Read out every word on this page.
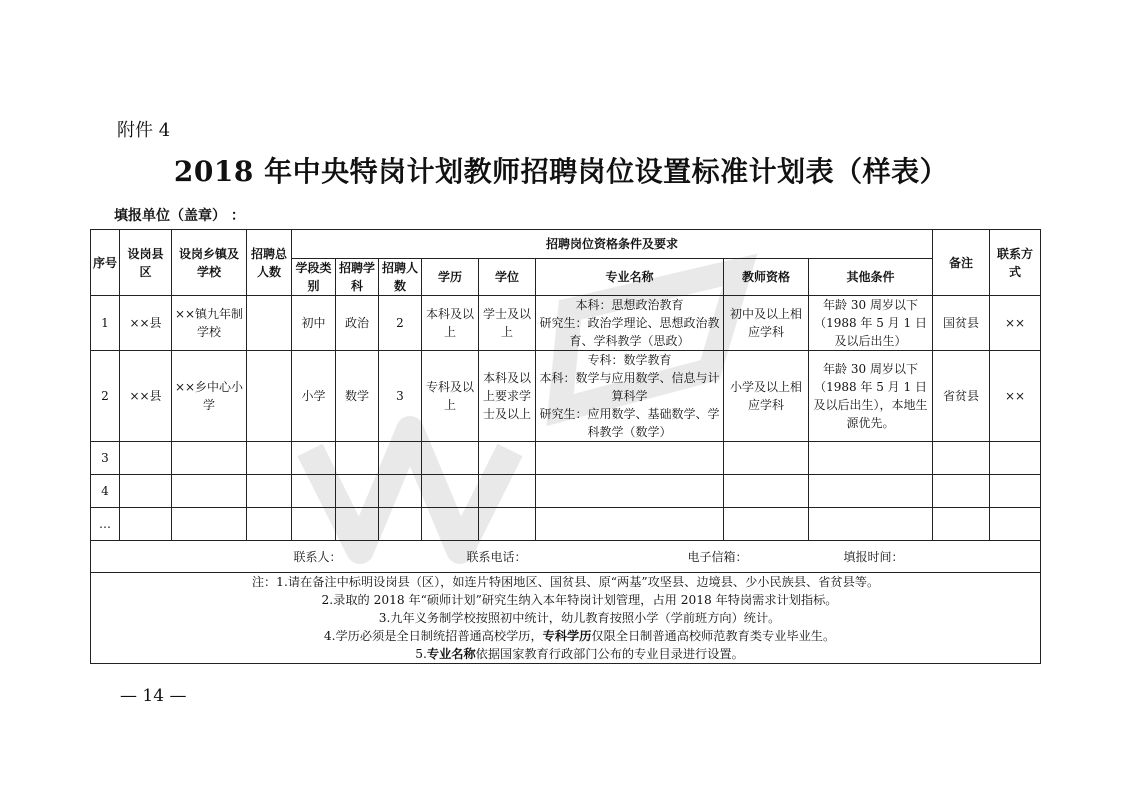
附件 4
2018 年中央特岗计划教师招聘岗位设置标准计划表（样表）
填报单位（盖章） ：
序号	设岗县区	设岗乡镇及学校	招聘总人数	招聘岗位资格条件及要求								备注	联系方式
				学段类别	招聘学科	招聘人数	学历	学位	专业名称	教师资格	其他条件		
1	××县	××镇九年制学校		初中	政治	2	本科及以上	学士及以上	本科：思想政治教育
研究生：政治学理论、思想政治教育、学科教学（思政）	初中及以上相应学科	年龄 30 周岁以下（1988 年 5 月 1 日及以后出生）	国贫县	××
2	××县	××乡中心小学		小学	数学	3	专科及以上	本科及以上要求学士及以上	专科：数学教育
本科：数学与应用数学、信息与计算科学
研究生：应用数学、基础数学、学科教学（数学）	小学及以上相应学科	年龄 30 周岁以下（1988 年 5 月 1 日及以后出生），本地生源优先。	省贫县	××
3													
4													
…													
联系人： 联系电话： 电子信箱： 填报时间：													

注：1.请在备注中标明设岗县（区），如连片特困地区、国贫县、原“两基”攻坚县、边境县、少小民族县、省贫县等。
2.录取的 2018 年“硕师计划”研究生纳入本年特岗计划管理，占用 2018 年特岗需求计划指标。
3.九年义务制学校按照初中统计，幼儿教育按照小学（学前班方向）统计。
4.学历必须是全日制统招普通高校学历，专科学历仅限全日制普通高校师范教育类专业毕业生。
5.专业名称依据国家教育行政部门公布的专业目录进行设置。													
— 14 —
